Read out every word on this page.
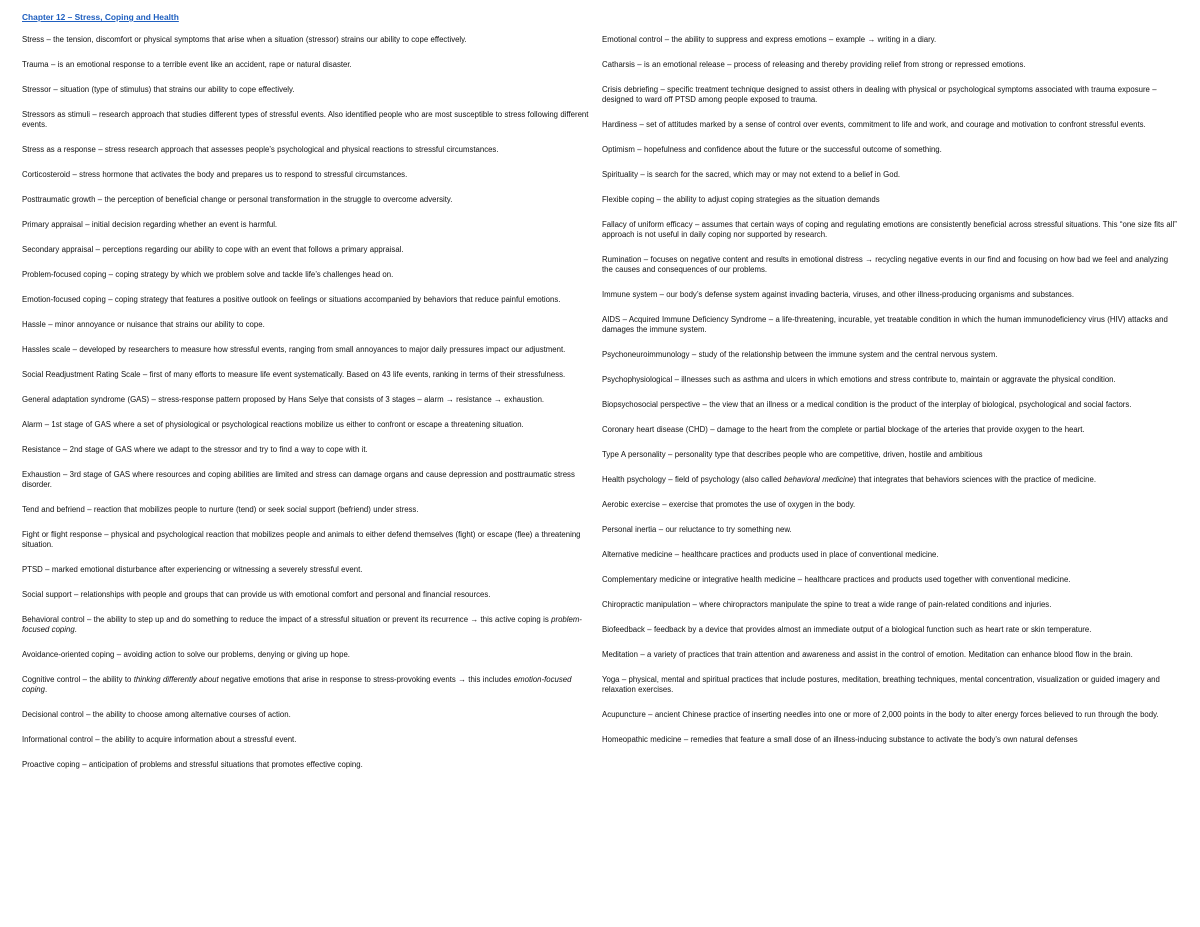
Chapter 12 – Stress, Coping and Health
Stress – the tension, discomfort or physical symptoms that arise when a situation (stressor) strains our ability to cope effectively.
Trauma – is an emotional response to a terrible event like an accident, rape or natural disaster.
Stressor – situation (type of stimulus) that strains our ability to cope effectively.
Stressors as stimuli – research approach that studies different types of stressful events. Also identified people who are most susceptible to stress following different events.
Stress as a response – stress research approach that assesses people’s psychological and physical reactions to stressful circumstances.
Corticosteroid – stress hormone that activates the body and prepares us to respond to stressful circumstances.
Posttraumatic growth – the perception of beneficial change or personal transformation in the struggle to overcome adversity.
Primary appraisal – initial decision regarding whether an event is harmful.
Secondary appraisal – perceptions regarding our ability to cope with an event that follows a primary appraisal.
Problem-focused coping – coping strategy by which we problem solve and tackle life’s challenges head on.
Emotion-focused coping – coping strategy that features a positive outlook on feelings or situations accompanied by behaviors that reduce painful emotions.
Hassle – minor annoyance or nuisance that strains our ability to cope.
Hassles scale – developed by researchers to measure how stressful events, ranging from small annoyances to major daily pressures impact our adjustment.
Social Readjustment Rating Scale – first of many efforts to measure life event systematically. Based on 43 life events, ranking in terms of their stressfulness.
General adaptation syndrome (GAS) – stress-response pattern proposed by Hans Selye that consists of 3 stages – alarm → resistance → exhaustion.
Alarm – 1st stage of GAS where a set of physiological or psychological reactions mobilize us either to confront or escape a threatening situation.
Resistance – 2nd stage of GAS where we adapt to the stressor and try to find a way to cope with it.
Exhaustion – 3rd stage of GAS where resources and coping abilities are limited and stress can damage organs and cause depression and posttraumatic stress disorder.
Tend and befriend – reaction that mobilizes people to nurture (tend) or seek social support (befriend) under stress.
Fight or flight response – physical and psychological reaction that mobilizes people and animals to either defend themselves (fight) or escape (flee) a threatening situation.
PTSD – marked emotional disturbance after experiencing or witnessing a severely stressful event.
Social support – relationships with people and groups that can provide us with emotional comfort and personal and financial resources.
Behavioral control – the ability to step up and do something to reduce the impact of a stressful situation or prevent its recurrence → this active coping is problem-focused coping.
Avoidance-oriented coping – avoiding action to solve our problems, denying or giving up hope.
Cognitive control – the ability to thinking differently about negative emotions that arise in response to stress-provoking events → this includes emotion-focused coping.
Decisional control – the ability to choose among alternative courses of action.
Informational control – the ability to acquire information about a stressful event.
Proactive coping – anticipation of problems and stressful situations that promotes effective coping.
Emotional control – the ability to suppress and express emotions – example → writing in a diary.
Catharsis – is an emotional release – process of releasing and thereby providing relief from strong or repressed emotions.
Crisis debriefing – specific treatment technique designed to assist others in dealing with physical or psychological symptoms associated with trauma exposure – designed to ward off PTSD among people exposed to trauma.
Hardiness – set of attitudes marked by a sense of control over events, commitment to life and work, and courage and motivation to confront stressful events.
Optimism – hopefulness and confidence about the future or the successful outcome of something.
Spirituality – is search for the sacred, which may or may not extend to a belief in God.
Flexible coping – the ability to adjust coping strategies as the situation demands
Fallacy of uniform efficacy – assumes that certain ways of coping and regulating emotions are consistently beneficial across stressful situations. This “one size fits all” approach is not useful in daily coping nor supported by research.
Rumination – focuses on negative content and results in emotional distress → recycling negative events in our find and focusing on how bad we feel and analyzing the causes and consequences of our problems.
Immune system – our body’s defense system against invading bacteria, viruses, and other illness-producing organisms and substances.
AIDS – Acquired Immune Deficiency Syndrome – a life-threatening, incurable, yet treatable condition in which the human immunodeficiency virus (HIV) attacks and damages the immune system.
Psychoneuroimmunology – study of the relationship between the immune system and the central nervous system.
Psychophysiological – illnesses such as asthma and ulcers in which emotions and stress contribute to, maintain or aggravate the physical condition.
Biopsychosocial perspective – the view that an illness or a medical condition is the product of the interplay of biological, psychological and social factors.
Coronary heart disease (CHD) – damage to the heart from the complete or partial blockage of the arteries that provide oxygen to the heart.
Type A personality – personality type that describes people who are competitive, driven, hostile and ambitious
Health psychology – field of psychology (also called behavioral medicine) that integrates that behaviors sciences with the practice of medicine.
Aerobic exercise – exercise that promotes the use of oxygen in the body.
Personal inertia – our reluctance to try something new.
Alternative medicine – healthcare practices and products used in place of conventional medicine.
Complementary medicine or integrative health medicine – healthcare practices and products used together with conventional medicine.
Chiropractic manipulation – where chiropractors manipulate the spine to treat a wide range of pain-related conditions and injuries.
Biofeedback – feedback by a device that provides almost an immediate output of a biological function such as heart rate or skin temperature.
Meditation – a variety of practices that train attention and awareness and assist in the control of emotion. Meditation can enhance blood flow in the brain.
Yoga – physical, mental and spiritual practices that include postures, meditation, breathing techniques, mental concentration, visualization or guided imagery and relaxation exercises.
Acupuncture – ancient Chinese practice of inserting needles into one or more of 2,000 points in the body to alter energy forces believed to run through the body.
Homeopathic medicine – remedies that feature a small dose of an illness-inducing substance to activate the body’s own natural defenses
